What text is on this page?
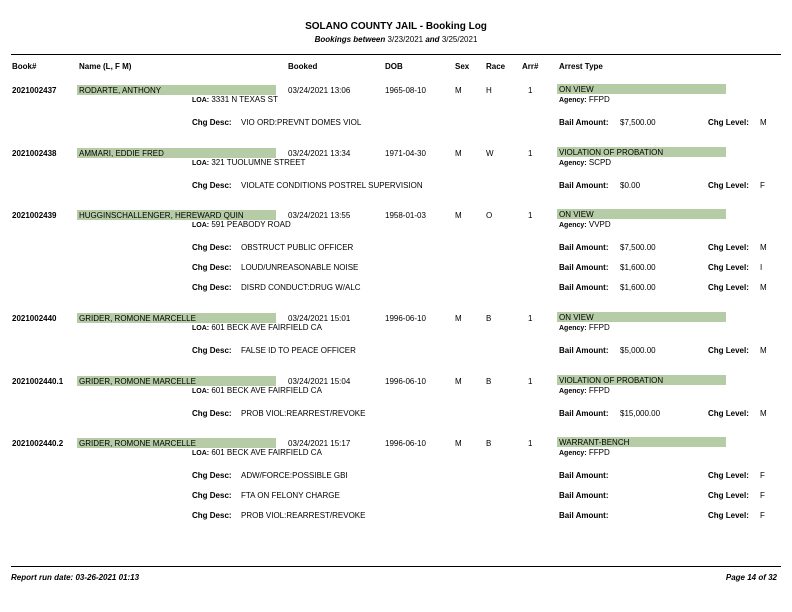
SOLANO COUNTY JAIL - Booking Log
Bookings between 3/23/2021 and 3/25/2021
Book#	Name (L, F M)	Booked	DOB	Sex Race Arr#	Arrest Type
2021002437	RODARTE, ANTHONY	03/24/2021 13:06	1965-08-10	M	H	1	ON VIEW
LOA: 3331 N TEXAS ST	Agency: FFPD
Chg Desc: VIO ORD:PREVNT DOMES VIOL	Bail Amount: $7,500.00	Chg Level: M
2021002438	AMMARI, EDDIE FRED	03/24/2021 13:34	1971-04-30	M	W	1	VIOLATION OF PROBATION
LOA: 321 TUOLUMNE STREET	Agency: SCPD
Chg Desc: VIOLATE CONDITIONS POSTREL SUPERVISION	Bail Amount: $0.00	Chg Level: F
2021002439	HUGGINSCHALLENGER, HEREWARD QUIN	03/24/2021 13:55	1958-01-03	M	O	1	ON VIEW
LOA: 591 PEABODY ROAD	Agency: VVPD
Chg Desc: OBSTRUCT PUBLIC OFFICER	Bail Amount: $7,500.00	Chg Level: M
Chg Desc: LOUD/UNREASONABLE NOISE	Bail Amount: $1,600.00	Chg Level: I
Chg Desc: DISRD CONDUCT:DRUG W/ALC	Bail Amount: $1,600.00	Chg Level: M
2021002440	GRIDER, ROMONE MARCELLE	03/24/2021 15:01	1996-06-10	M	B	1	ON VIEW
LOA: 601 BECK AVE FAIRFIELD CA	Agency: FFPD
Chg Desc: FALSE ID TO PEACE OFFICER	Bail Amount: $5,000.00	Chg Level: M
2021002440.1 GRIDER, ROMONE MARCELLE	03/24/2021 15:04	1996-06-10	M	B	1	VIOLATION OF PROBATION
LOA: 601 BECK AVE FAIRFIELD CA	Agency: FFPD
Chg Desc: PROB VIOL:REARREST/REVOKE	Bail Amount: $15,000.00	Chg Level: M
2021002440.2 GRIDER, ROMONE MARCELLE	03/24/2021 15:17	1996-06-10	M	B	1	WARRANT-BENCH
LOA: 601 BECK AVE FAIRFIELD CA	Agency: FFPD
Chg Desc: ADW/FORCE:POSSIBLE GBI	Bail Amount:	Chg Level: F
Chg Desc: FTA ON FELONY CHARGE	Bail Amount:	Chg Level: F
Chg Desc: PROB VIOL:REARREST/REVOKE	Bail Amount:	Chg Level: F
Report run date: 03-26-2021 01:13	Page 14 of 32
